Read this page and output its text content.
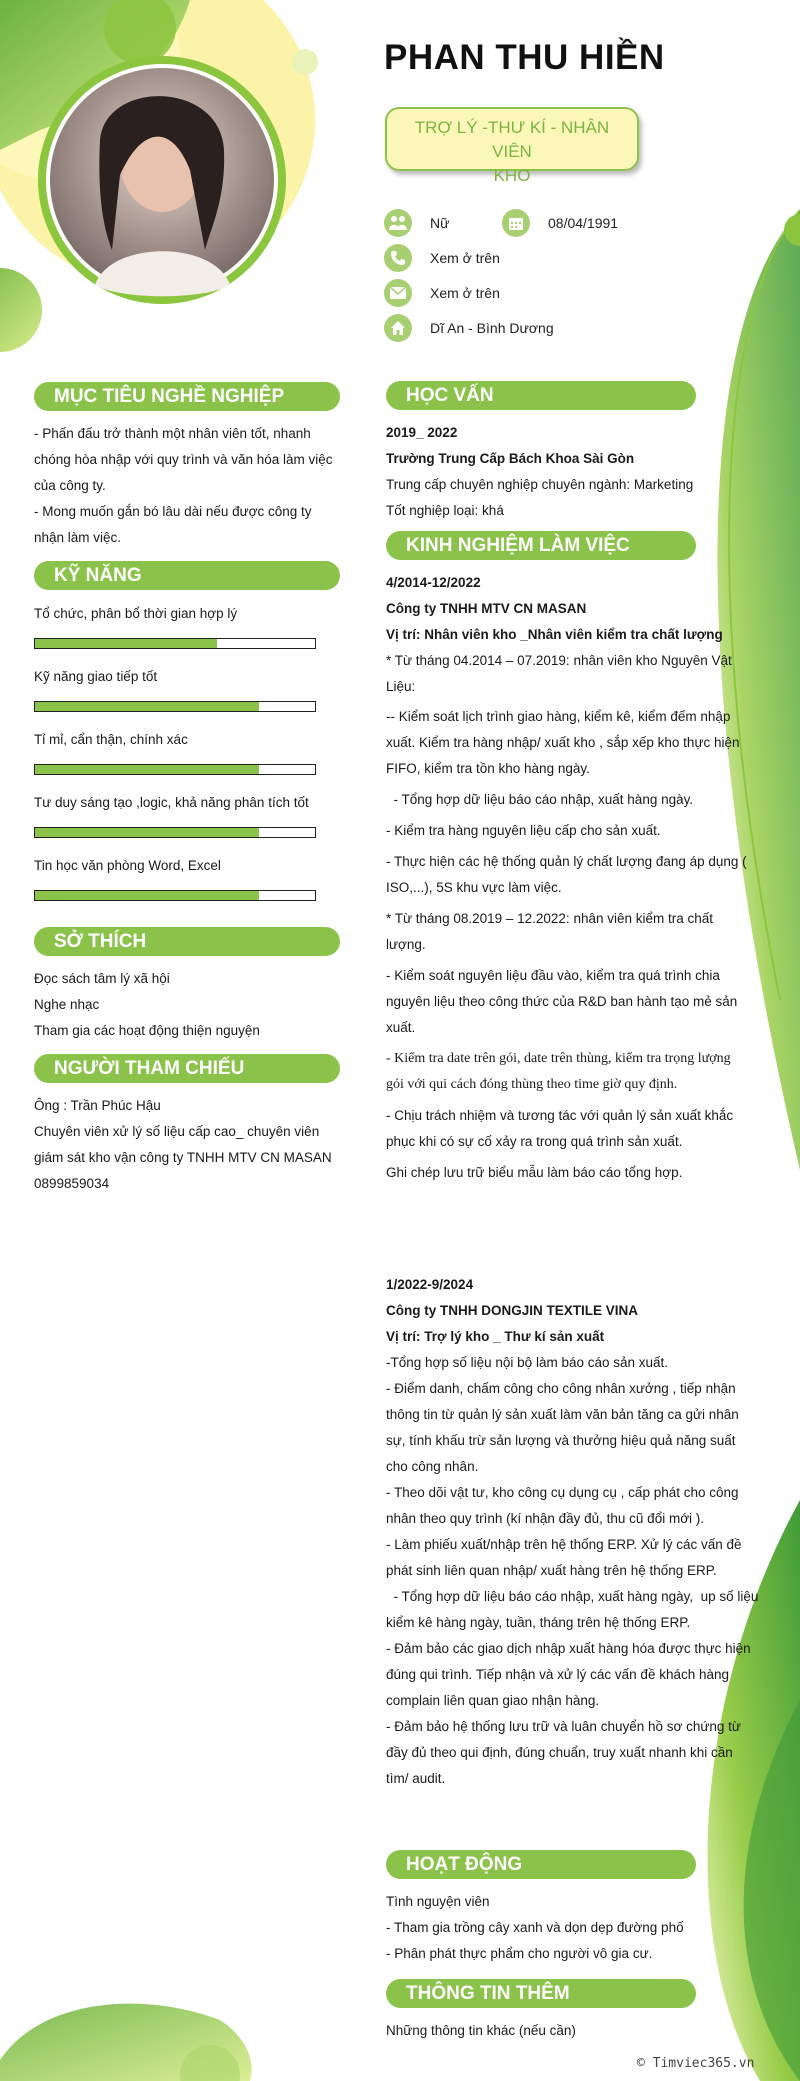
PHAN THU HIỀN
TRỢ LÝ -THƯ KÍ - NHÂN VIÊN
KHO
Nữ	08/04/1991
Xem ở trên
Xem ở trên
Dĩ An - Bình Dương
MỤC TIÊU NGHỀ NGHIỆP

- Phấn đấu trở thành một nhân viên tốt, nhanh

chóng hòa nhập với quy trình và văn hóa làm việc

của công ty.

- Mong muốn gắn bó lâu dài nếu được công ty

nhận làm việc.

KỸ NĂNG
Tổ chức, phân bổ thời gian hợp lý
Kỹ năng giao tiếp tốt
Tỉ mỉ, cẩn thận, chính xác
Tư duy sáng tạo ,logic, khả năng phân tích tốt
Tin học văn phòng Word, Excel
SỞ THÍCH

Đọc sách tâm lý xã hội

Nghe nhạc

Tham gia các hoạt động thiện nguyện

NGƯỜI THAM CHIẾU

Ông : Trần Phúc Hậu

Chuyên viên xử lý số liệu cấp cao_ chuyên viên

giám sát kho vận công ty TNHH MTV CN MASAN

0899859034

HỌC VẤN

2019_ 2022

Trường Trung Cấp Bách Khoa Sài Gòn

Trung cấp chuyên nghiệp chuyên ngành: Marketing

Tốt nghiệp loại: khá

KINH NGHIỆM LÀM VIỆC

4/2014-12/2022

Công ty TNHH MTV CN MASAN

Vị trí: Nhân viên kho _Nhân viên kiểm tra chất lượng

* Từ tháng 04.2014 – 07.2019: nhân viên kho Nguyên Vật

Liệu:

-- Kiểm soát lịch trình giao hàng, kiểm kê, kiểm đếm nhập

xuất. Kiểm tra hàng nhập/ xuất kho , sắp xếp kho thực hiện

FIFO, kiểm tra tồn kho hàng ngày.

- Tổng hợp dữ liệu báo cáo nhập, xuất hàng ngày.

- Kiểm tra hàng nguyên liệu cấp cho sản xuất.

- Thực hiện các hệ thống quản lý chất lượng đang áp dụng (

ISO,...), 5S khu vực làm việc.

* Từ tháng 08.2019 – 12.2022: nhân viên kiểm tra chất

lượng.

- Kiểm soát nguyên liệu đầu vào, kiểm tra quá trình chia

nguyên liệu theo công thức của R&D ban hành tạo mẻ sản

xuất.

- Kiểm tra date trên gói, date trên thùng, kiểm tra trọng lượng

gói với qui cách đóng thùng theo time giờ quy định.

- Chịu trách nhiệm và tương tác với quản lý sản xuất khắc

phục khi có sự cố xảy ra trong quá trình sản xuất.

Ghi chép lưu trữ biểu mẫu làm báo cáo tổng hợp.

1/2022-9/2024

Công ty TNHH DONGJIN TEXTILE VINA

Vị trí: Trợ lý kho _ Thư kí sản xuất

-Tổng hợp số liệu nội bộ làm báo cáo sản xuất.

- Điểm danh, chấm công cho công nhân xưởng , tiếp nhận

thông tin từ quản lý sản xuất làm văn bản tăng ca gửi nhân

sự, tính khấu trừ sản lượng và thưởng hiệu quả năng suất

cho công nhân.

- Theo dõi vật tư, kho công cụ dụng cụ , cấp phát cho công

nhân theo quy trình (kí nhận đầy đủ, thu cũ đổi mới ).

- Làm phiếu xuất/nhập trên hệ thống ERP. Xử lý các vấn đề

phát sinh liên quan nhập/ xuất hàng trên hệ thống ERP.

- Tổng hợp dữ liệu báo cáo nhập, xuất hàng ngày,  up số liệu

kiểm kê hàng ngày, tuần, tháng trên hệ thống ERP.

- Đảm bảo các giao dịch nhập xuất hàng hóa được thực hiện

đúng qui trình. Tiếp nhận và xử lý các vấn đề khách hàng

complain liên quan giao nhận hàng.

- Đảm bảo hệ thống lưu trữ và luân chuyển hồ sơ chứng từ

đầy đủ theo qui định, đúng chuẩn, truy xuất nhanh khi cần

tìm/ audit.

HOẠT ĐỘNG

Tình nguyện viên

- Tham gia trồng cây xanh và dọn dẹp đường phố

- Phân phát thực phẩm cho người vô gia cư.

THÔNG TIN THÊM

Những thông tin khác (nếu cần)

© Timviec365.vn
